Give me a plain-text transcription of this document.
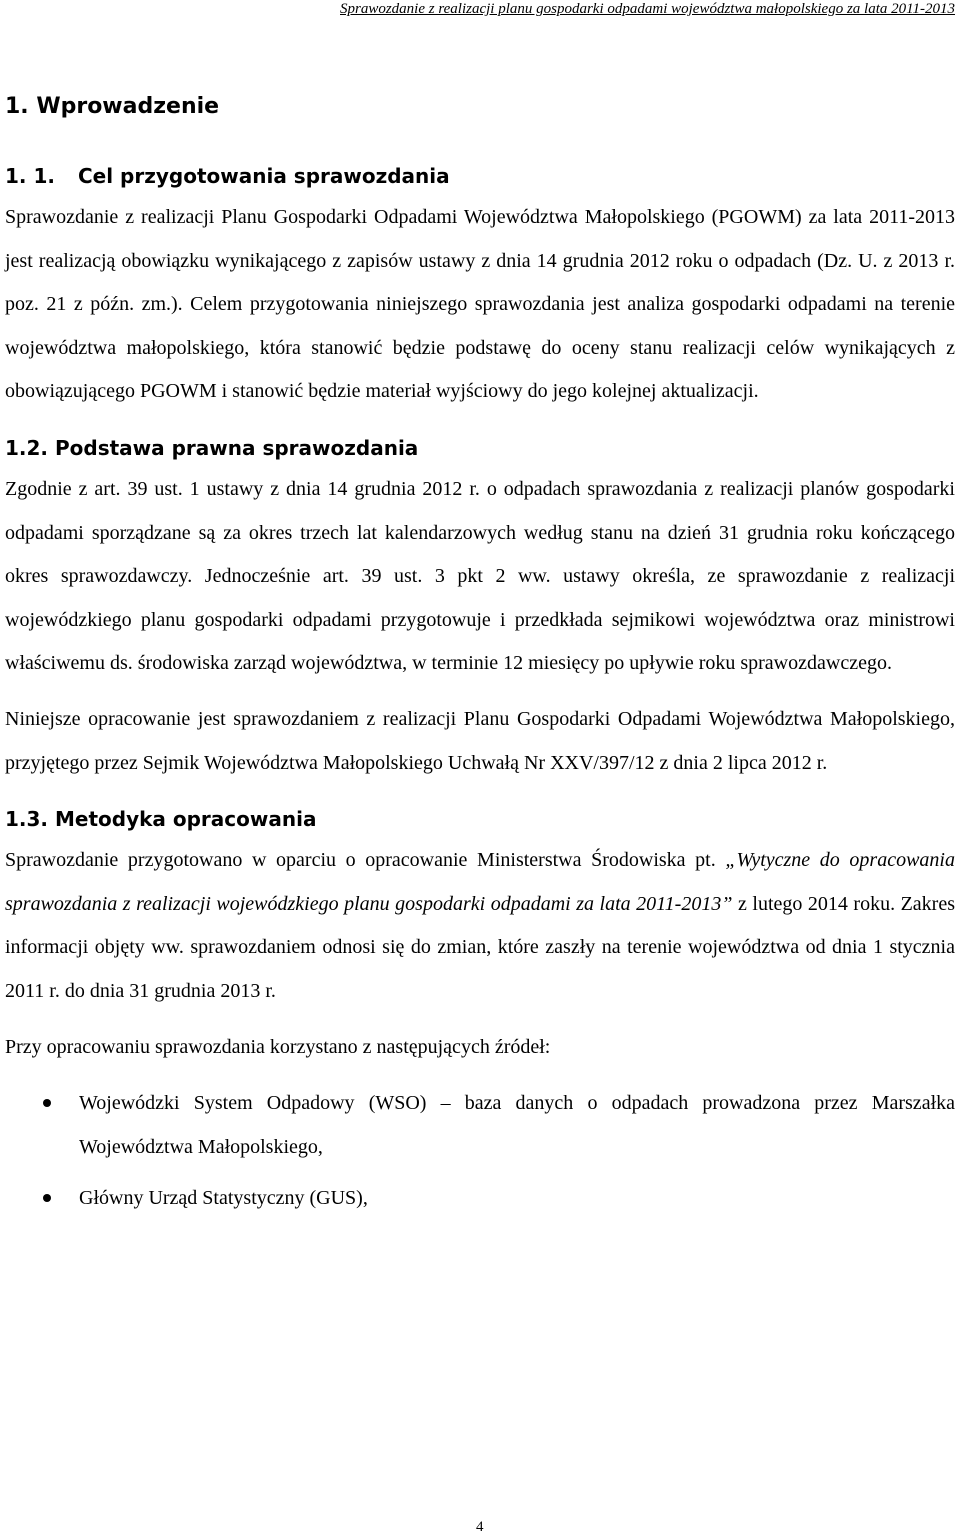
Sprawozdanie z realizacji planu gospodarki odpadami województwa małopolskiego za lata 2011-2013
1. Wprowadzenie
1. 1. Cel przygotowania sprawozdania

Sprawozdanie z realizacji Planu Gospodarki Odpadami Województwa Małopolskiego (PGOWM) za lata 2011-2013 jest realizacją obowiązku wynikającego z zapisów ustawy z dnia 14 grudnia 2012 roku o odpadach (Dz. U. z 2013 r. poz. 21 z późn. zm.). Celem przygotowania niniejszego sprawozdania jest analiza gospodarki odpadami na terenie województwa małopolskiego, która stanowić będzie podstawę do oceny stanu realizacji celów wynikających z obowiązującego PGOWM i stanowić będzie materiał wyjściowy do jego kolejnej aktualizacji.

1.2. Podstawa prawna sprawozdania

Zgodnie z art. 39 ust. 1 ustawy z dnia 14 grudnia 2012 r. o odpadach sprawozdania z realizacji planów gospodarki odpadami sporządzane są za okres trzech lat kalendarzowych według stanu na dzień 31 grudnia roku kończącego okres sprawozdawczy. Jednocześnie art. 39 ust. 3 pkt 2 ww. ustawy określa, ze sprawozdanie z realizacji wojewódzkiego planu gospodarki odpadami przygotowuje i przedkłada sejmikowi województwa oraz ministrowi właściwemu ds. środowiska zarząd województwa, w terminie 12 miesięcy po upływie roku sprawozdawczego.

Niniejsze opracowanie jest sprawozdaniem z realizacji Planu Gospodarki Odpadami Województwa Małopolskiego, przyjętego przez Sejmik Województwa Małopolskiego Uchwałą Nr XXV/397/12 z dnia 2 lipca 2012 r.

1.3. Metodyka opracowania

Sprawozdanie przygotowano w oparciu o opracowanie Ministerstwa Środowiska pt. „Wytyczne do opracowania sprawozdania z realizacji wojewódzkiego planu gospodarki odpadami za lata 2011-2013” z lutego 2014 roku. Zakres informacji objęty ww. sprawozdaniem odnosi się do zmian, które zaszły na terenie województwa od dnia 1 stycznia 2011 r. do dnia 31 grudnia 2013 r.

Przy opracowaniu sprawozdania korzystano z następujących źródeł:

Wojewódzki System Odpadowy (WSO) – baza danych o odpadach prowadzona przez Marszałka Województwa Małopolskiego,
Główny Urząd Statystyczny (GUS),
4
